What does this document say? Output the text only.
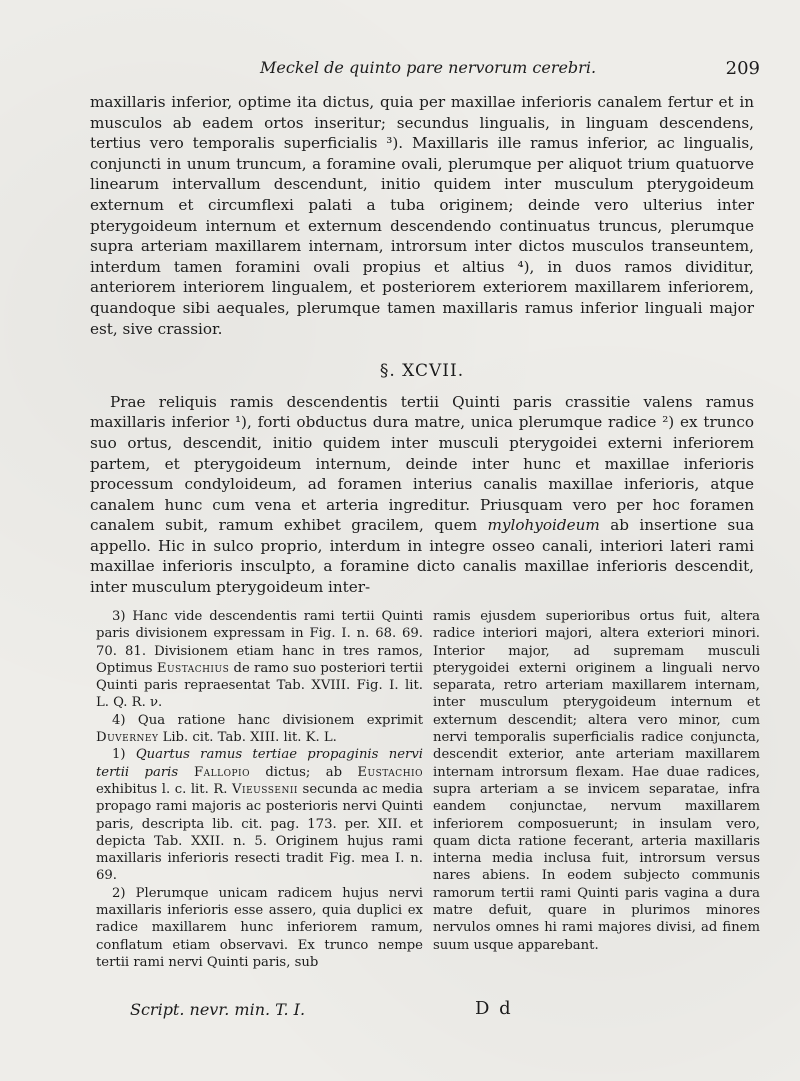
Meckel de quinto pare nervorum cerebri.	209

maxillaris inferior, optime ita dictus, quia per maxillae inferioris canalem fertur et in musculos ab eadem ortos inseritur; secundus lingualis, in linguam descendens, tertius vero temporalis superficialis ³). Maxillaris ille ramus inferior, ac lingualis, conjuncti in unum truncum, a foramine ovali, plerumque per aliquot trium quatuorve linearum intervallum descendunt, initio quidem inter musculum pterygoideum externum et circumflexi palati a tuba originem; deinde vero ulterius inter pterygoideum internum et externum descendendo continuatus truncus, plerumque supra arteriam maxillarem internam, introrsum inter dictos musculos transeuntem, interdum tamen foramini ovali propius et altius ⁴), in duos ramos dividitur, anteriorem interiorem lingualem, et posteriorem exteriorem maxillarem inferiorem, quandoque sibi aequales, plerumque tamen maxillaris ramus inferior linguali major est, sive crassior.

§. XCVII.

Prae reliquis ramis descendentis tertii Quinti paris crassitie valens ramus maxillaris inferior ¹), forti obductus dura matre, unica plerumque radice ²) ex trunco suo ortus, descendit, initio quidem inter musculi pterygoidei externi inferiorem partem, et pterygoideum internum, deinde inter hunc et maxillae inferioris processum condyloideum, ad foramen interius canalis maxillae inferioris, atque canalem hunc cum vena et arteria ingreditur. Priusquam vero per hoc foramen canalem subit, ramum exhibet gracilem, quem mylohyoideum ab insertione sua appello. Hic in sulco proprio, interdum in integre osseo canali, interiori lateri rami maxillae inferioris insculpto, a foramine dicto canalis maxillae inferioris descendit, inter musculum pterygoideum inter-

3) Hanc vide descendentis rami tertii Quinti paris divisionem expressam in Fig. I. n. 68. 69. 70. 81. Divisionem etiam hanc in tres ramos, Optimus Eustachius de ramo suo posteriori tertii Quinti paris repraesentat Tab. XVIII. Fig. I. lit. L. Q. R. ν.

4) Qua ratione hanc divisionem exprimit Duverney Lib. cit. Tab. XIII. lit. K. L.

1) Quartus ramus tertiae propaginis nervi tertii paris Fallopio dictus; ab Eustachio exhibitus l. c. lit. R. Vieussenii secunda ac media propago rami majoris ac posterioris nervi Quinti paris, descripta lib. cit. pag. 173. per. XII. et depicta Tab. XXII. n. 5. Originem hujus rami maxillaris inferioris resecti tradit Fig. mea I. n. 69.

2) Plerumque unicam radicem hujus nervi maxillaris inferioris esse assero, quia duplici ex radice maxillarem hunc inferiorem ramum, conflatum etiam observavi. Ex trunco nempe tertii rami nervi Quinti paris, sub

ramis ejusdem superioribus ortus fuit, altera radice interiori majori, altera exteriori minori. Interior major, ad supremam musculi pterygoidei externi originem a linguali nervo separata, retro arteriam maxillarem internam, inter musculum pterygoideum internum et externum descendit; altera vero minor, cum nervi temporalis superficialis radice conjuncta, descendit exterior, ante arteriam maxillarem internam introrsum flexam. Hae duae radices, supra arteriam a se invicem separatae, infra eandem conjunctae, nervum maxillarem inferiorem composuerunt; in insulam vero, quam dicta ratione fecerant, arteria maxillaris interna media inclusa fuit, introrsum versus nares abiens. In eodem subjecto communis ramorum tertii rami Quinti paris vagina a dura matre defuit, quare in plurimos minores nervulos omnes hi rami majores divisi, ad finem suum usque apparebant.

Script. nevr. min. T. I.	D d
